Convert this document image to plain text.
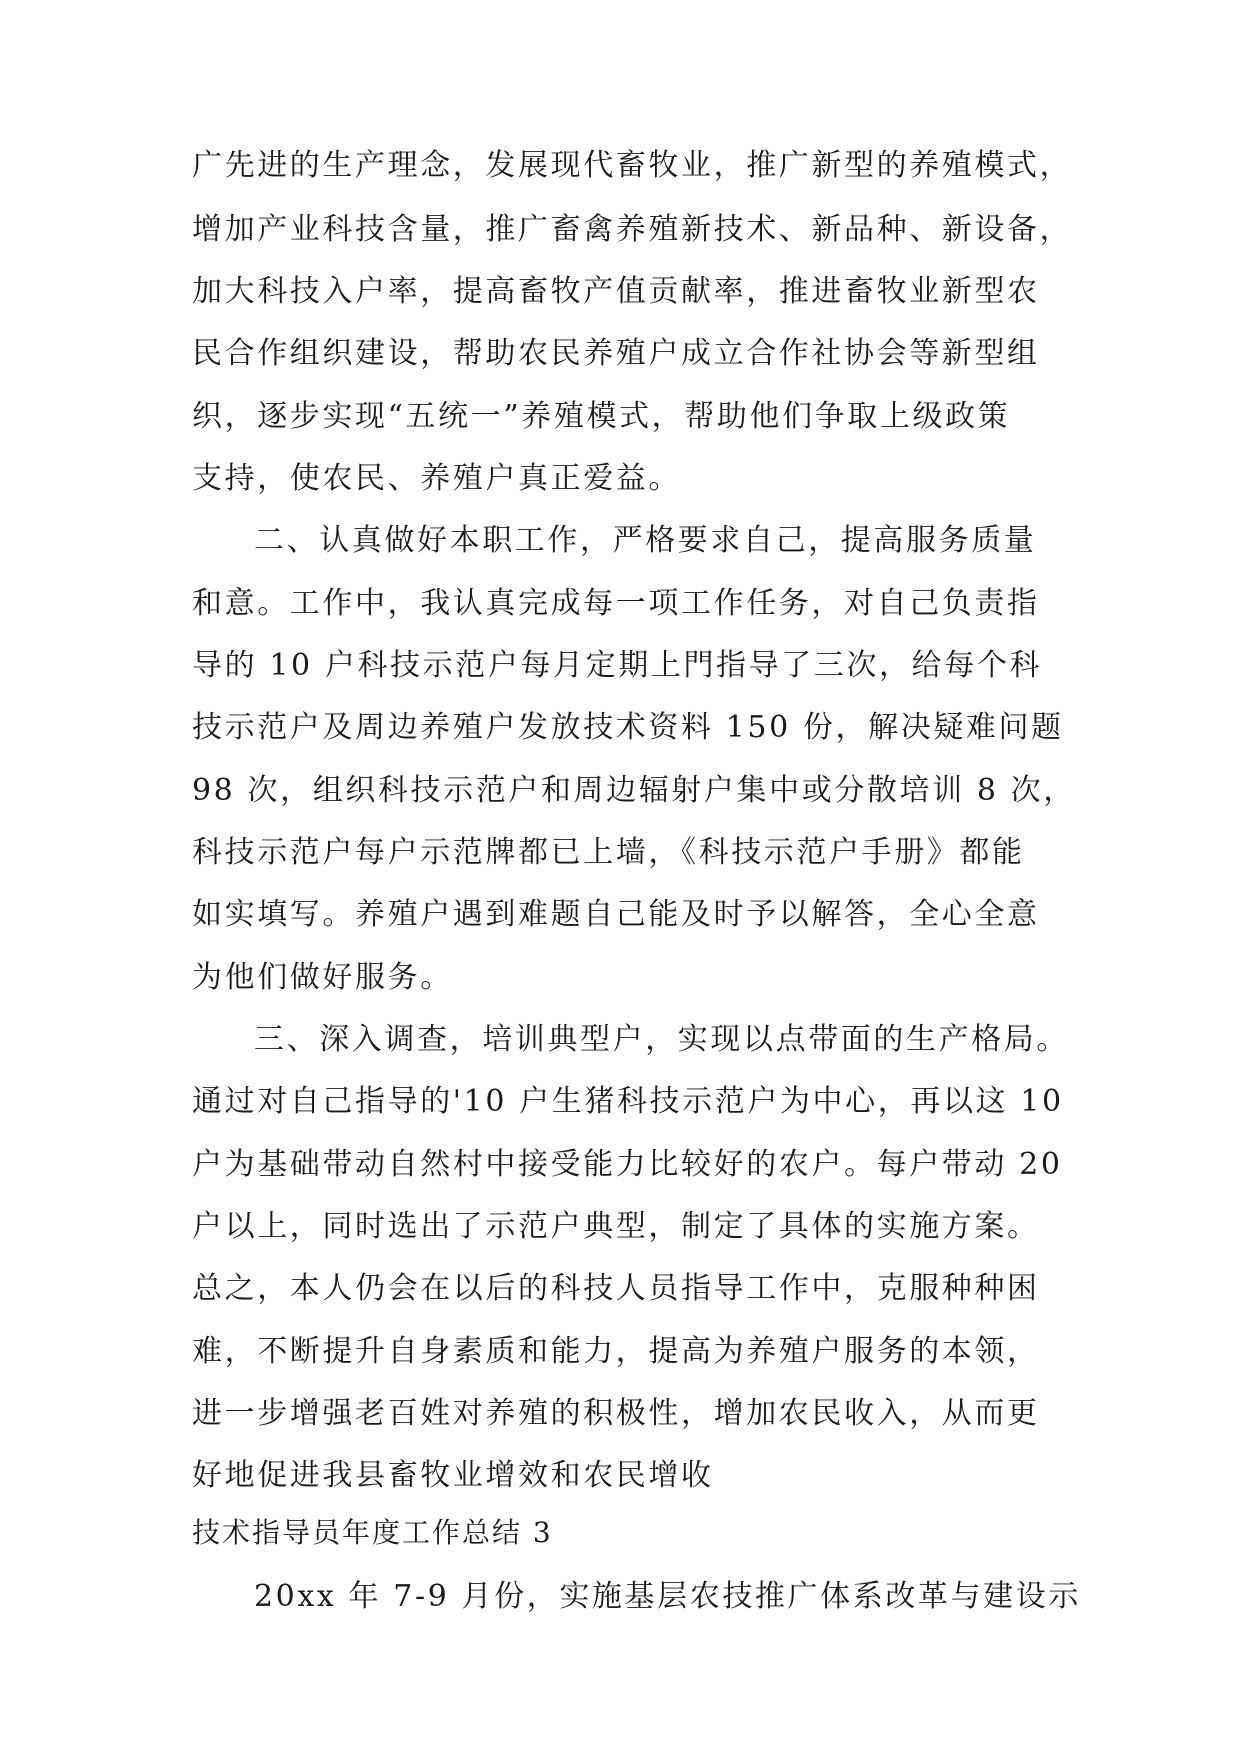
广先进的生产理念，发展现代畜牧业，推广新型的养殖模式，
增加产业科技含量，推广畜禽养殖新技术、新品种、新设备，
加大科技入户率，提高畜牧产值贡献率，推进畜牧业新型农
民合作组织建设，帮助农民养殖户成立合作社协会等新型组
织，逐步实现“五统一”养殖模式，帮助他们争取上级政策
支持，使农民、养殖户真正爱益。
二、认真做好本职工作，严格要求自己，提高服务质量
和意。工作中，我认真完成每一项工作任务，对自己负责指
导的 10 户科技示范户每月定期上門指导了三次，给每个科
技示范户及周边养殖户发放技术资料 150 份，解决疑难问题
98 次，组织科技示范户和周边辐射户集中或分散培训 8 次，
科技示范户每户示范牌都已上墙，《科技示范户手册》都能
如实填写。养殖户遇到难题自己能及时予以解答，全心全意
为他们做好服务。
三、深入调查，培训典型户，实现以点带面的生产格局。
通过对自己指导的'10 户生猪科技示范户为中心，再以这 10
户为基础带动自然村中接受能力比较好的农户。每户带动 20
户以上，同时选出了示范户典型，制定了具体的实施方案。
总之，本人仍会在以后的科技人员指导工作中，克服种种困
难，不断提升自身素质和能力，提高为养殖户服务的本领，
进一步增强老百姓对养殖的积极性，增加农民收入，从而更
好地促进我县畜牧业增效和农民增收
技术指导员年度工作总结 3
20xx 年 7-9 月份，实施基层农技推广体系改革与建设示
